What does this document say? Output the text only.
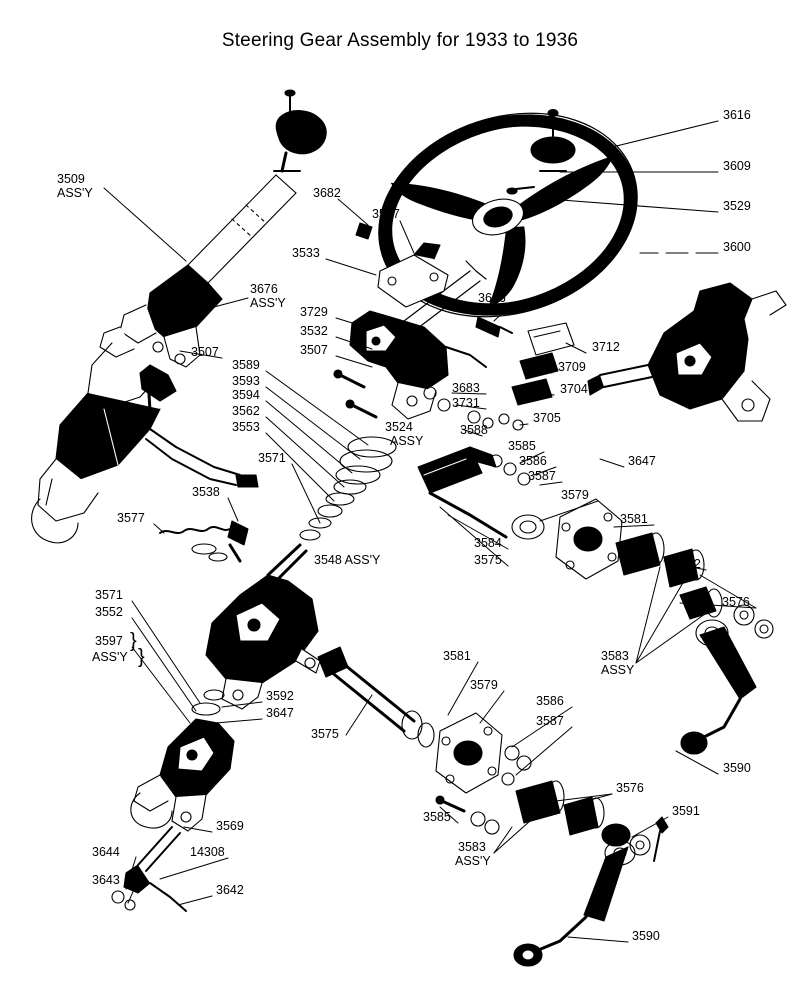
Steering Gear Assembly for 1933 to 1936
3616
3609
3529
3600
3509
ASS'Y	3682
3517
3533
3676
ASS'Y	3686
3729
3532
3712
3507	3507
3709
3589
3683	3704
3593
3594
3731
3705
3562
3553	3524	3588
ASSY	3585
3571	3586
3587
3647
3538	3579
3581
3577
3584
3575	3582
3548 ASS'Y
3576
3571
3552
3597
ASS'Y
}
}	3583
ASSY
3581
3579
3592	3586
3647
3587
3575
3576
3590
3591
3585
3583
ASS'Y
3569
3644	14308
3643
3642
3590
